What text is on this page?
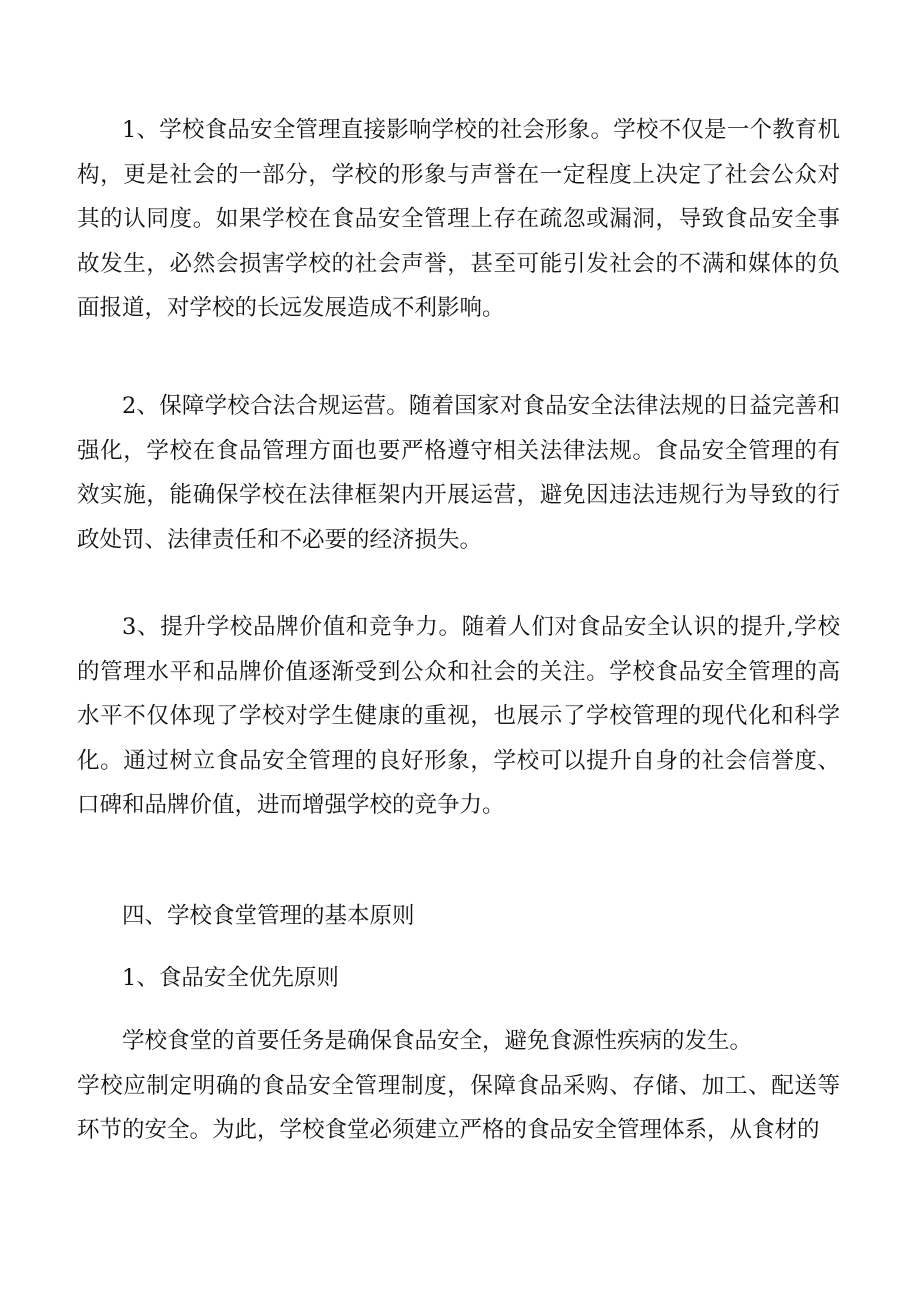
1、学校食品安全管理直接影响学校的社会形象。学校不仅是一个教育机构，更是社会的一部分，学校的形象与声誉在一定程度上决定了社会公众对其的认同度。如果学校在食品安全管理上存在疏忽或漏洞，导致食品安全事故发生，必然会损害学校的社会声誉，甚至可能引发社会的不满和媒体的负面报道，对学校的长远发展造成不利影响。

2、保障学校合法合规运营。随着国家对食品安全法律法规的日益完善和强化，学校在食品管理方面也要严格遵守相关法律法规。食品安全管理的有效实施，能确保学校在法律框架内开展运营，避免因违法违规行为导致的行政处罚、法律责任和不必要的经济损失。

3、提升学校品牌价值和竞争力。随着人们对食品安全认识的提升,学校的管理水平和品牌价值逐渐受到公众和社会的关注。学校食品安全管理的高水平不仅体现了学校对学生健康的重视，也展示了学校管理的现代化和科学化。通过树立食品安全管理的良好形象，学校可以提升自身的社会信誉度、口碑和品牌价值，进而增强学校的竞争力。

四、学校食堂管理的基本原则

1、食品安全优先原则

学校食堂的首要任务是确保食品安全，避免食源性疾病的发生。
学校应制定明确的食品安全管理制度，保障食品采购、存储、加工、配送等环节的安全。为此，学校食堂必须建立严格的食品安全管理体系，从食材的
